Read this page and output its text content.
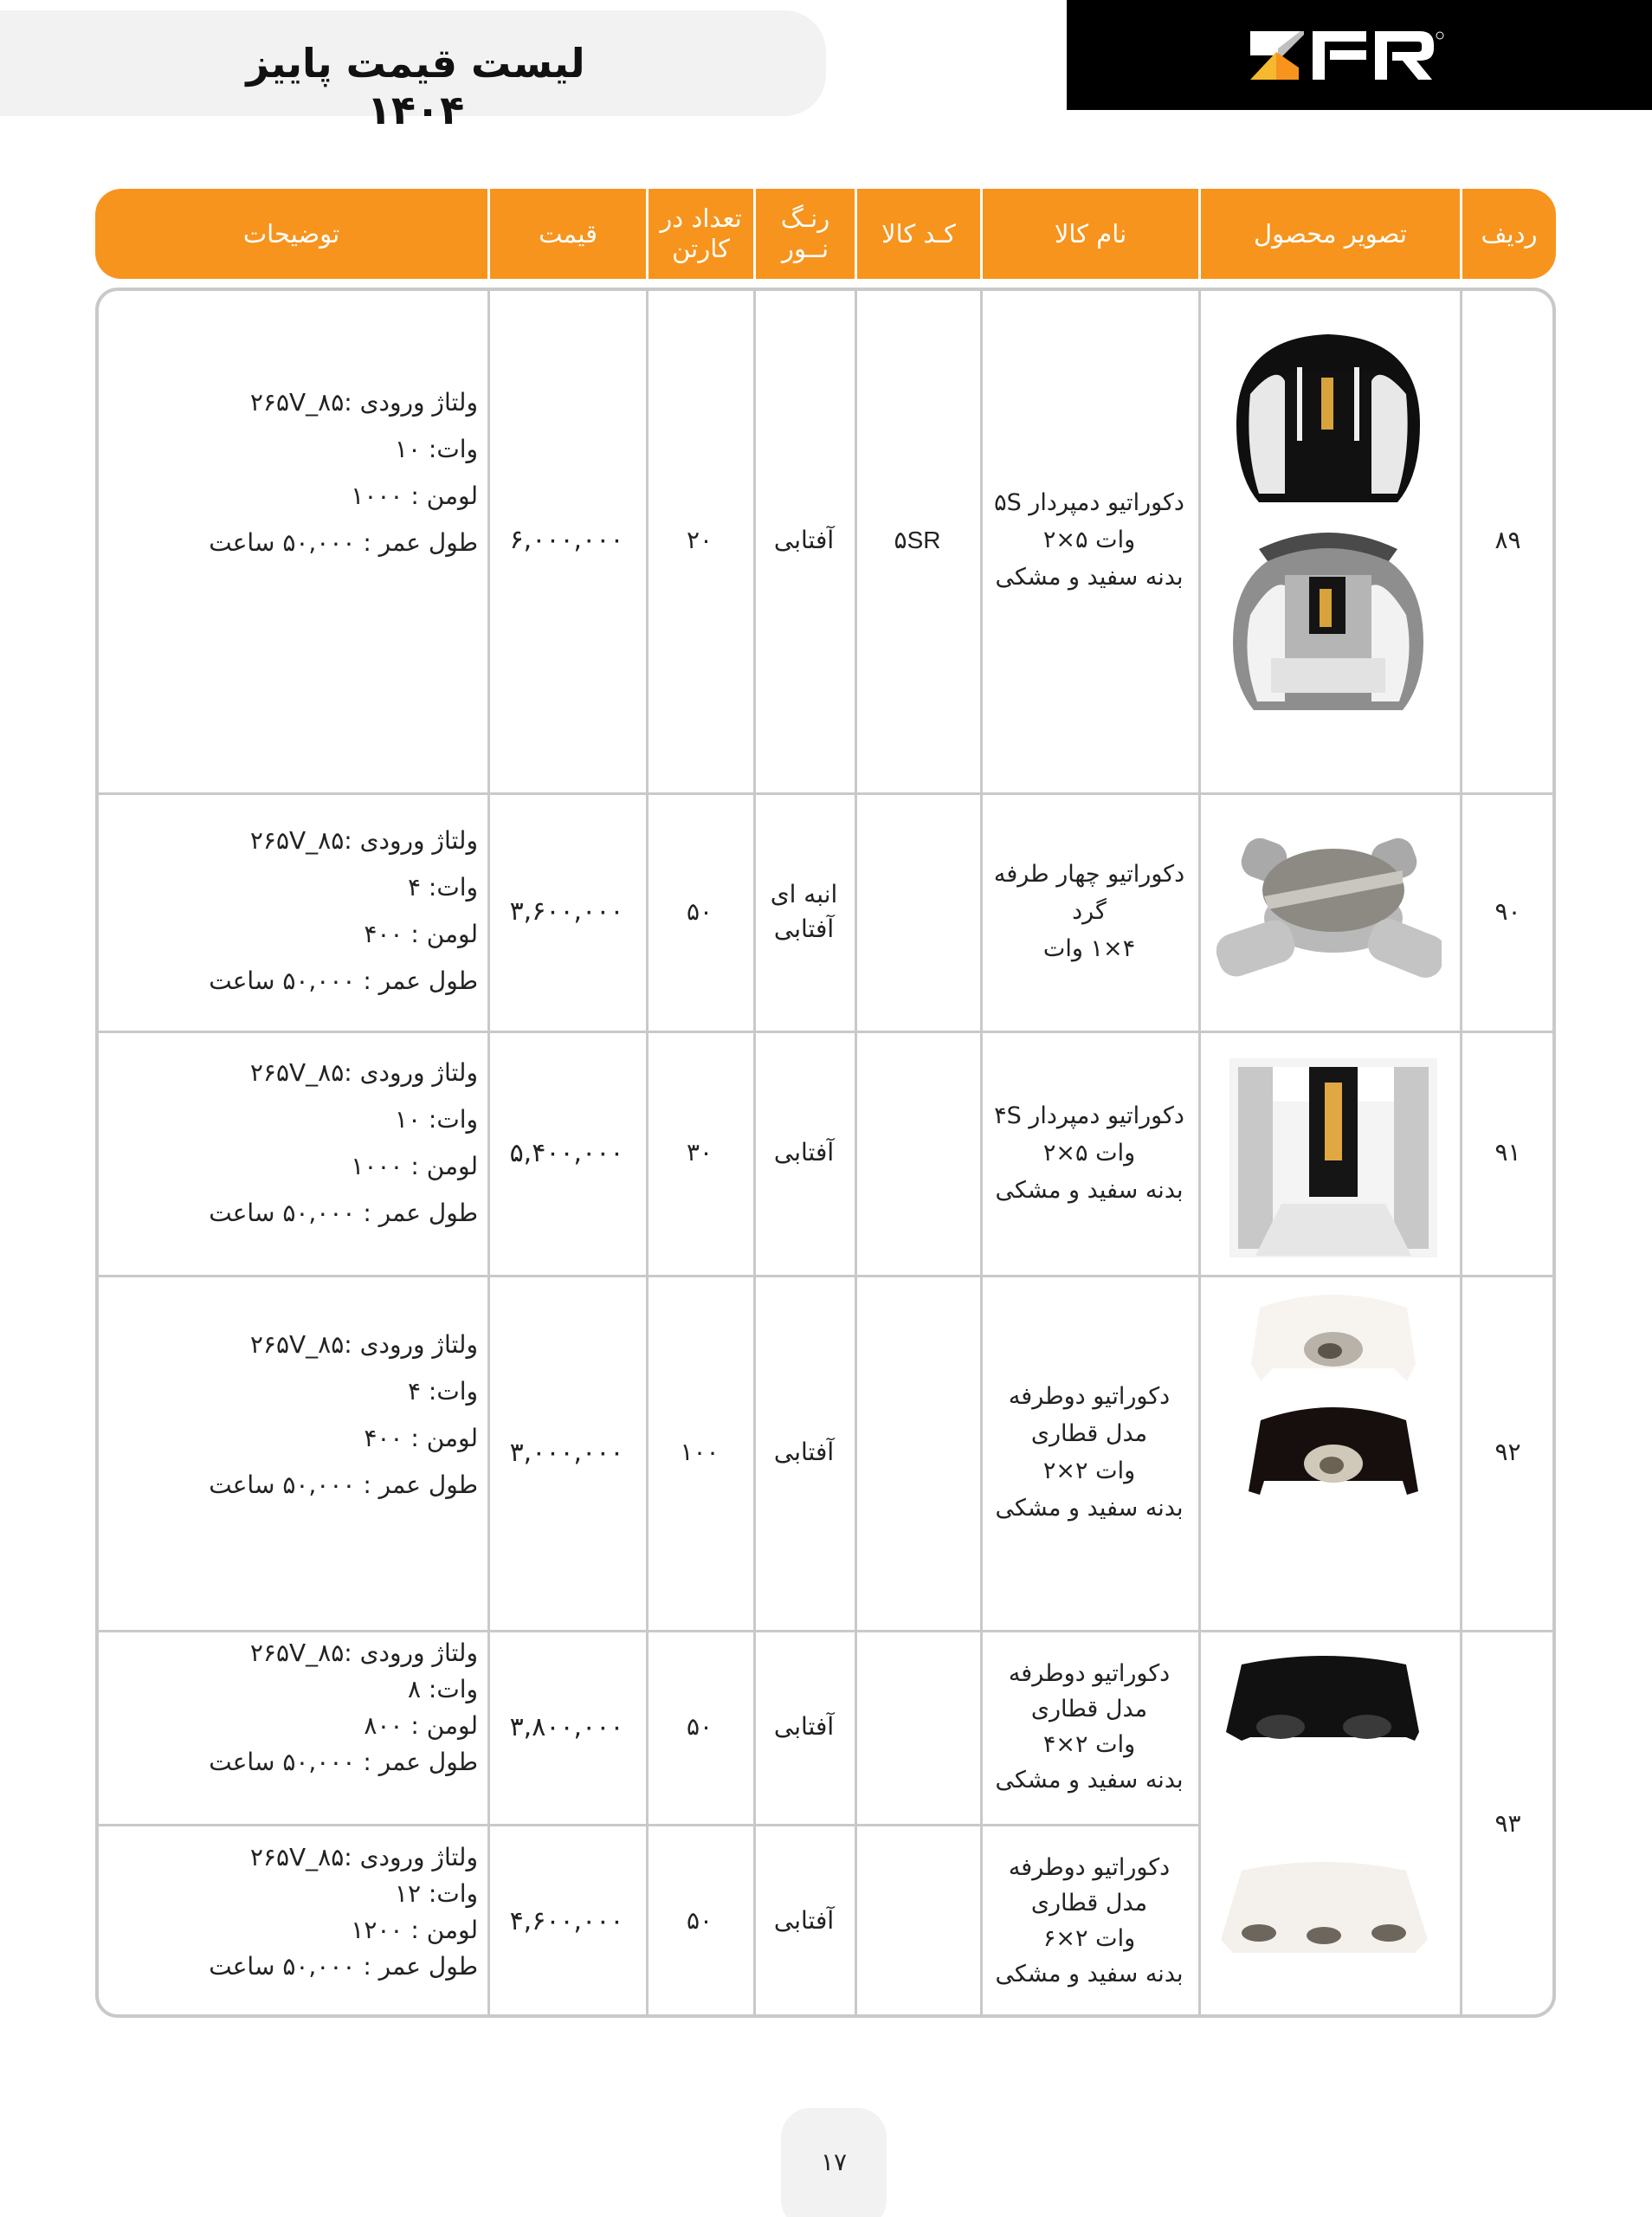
لیست قیمت پاییز ۱۴۰۴
ردیف
تصویر محصول
نام کالا
کـد کالا
رنـگ نــور
تعداد در کارتن
قیمت
توضیحات
۸۹
دکوراتیو دمپردار ۵S
وات ۵×۲
بدنه سفید و مشکی
۵SR
آفتابی
۲۰
۶,۰۰۰,۰۰۰
ولتاژ ورودی :۸۵_۲۶۵V
وات: ۱۰
لومن : ۱۰۰۰
طول عمر : ۵۰,۰۰۰ ساعت
۹۰
دکوراتیو چهار طرفه گرد
۴×۱ وات
انبه ای
آفتابی
۵۰
۳,۶۰۰,۰۰۰
ولتاژ ورودی :۸۵_۲۶۵V
وات: ۴
لومن : ۴۰۰
طول عمر : ۵۰,۰۰۰ ساعت
۹۱
دکوراتیو دمپردار ۴S
وات ۵×۲
بدنه سفید و مشکی
آفتابی
۳۰
۵,۴۰۰,۰۰۰
ولتاژ ورودی :۸۵_۲۶۵V
وات: ۱۰
لومن : ۱۰۰۰
طول عمر : ۵۰,۰۰۰ ساعت
۹۲
دکوراتیو دوطرفه
مدل قطاری
وات ۲×۲
بدنه سفید و مشکی
آفتابی
۱۰۰
۳,۰۰۰,۰۰۰
ولتاژ ورودی :۸۵_۲۶۵V
وات: ۴
لومن : ۴۰۰
طول عمر : ۵۰,۰۰۰ ساعت
۹۳
دکوراتیو دوطرفه
مدل قطاری
وات ۲×۴
بدنه سفید و مشکی
آفتابی
۵۰
۳,۸۰۰,۰۰۰
ولتاژ ورودی :۸۵_۲۶۵V
وات: ۸
لومن : ۸۰۰
طول عمر : ۵۰,۰۰۰ ساعت
دکوراتیو دوطرفه
مدل قطاری
وات ۲×۶
بدنه سفید و مشکی
آفتابی
۵۰
۴,۶۰۰,۰۰۰
ولتاژ ورودی :۸۵_۲۶۵V
وات: ۱۲
لومن : ۱۲۰۰
طول عمر : ۵۰,۰۰۰ ساعت
۱۷
